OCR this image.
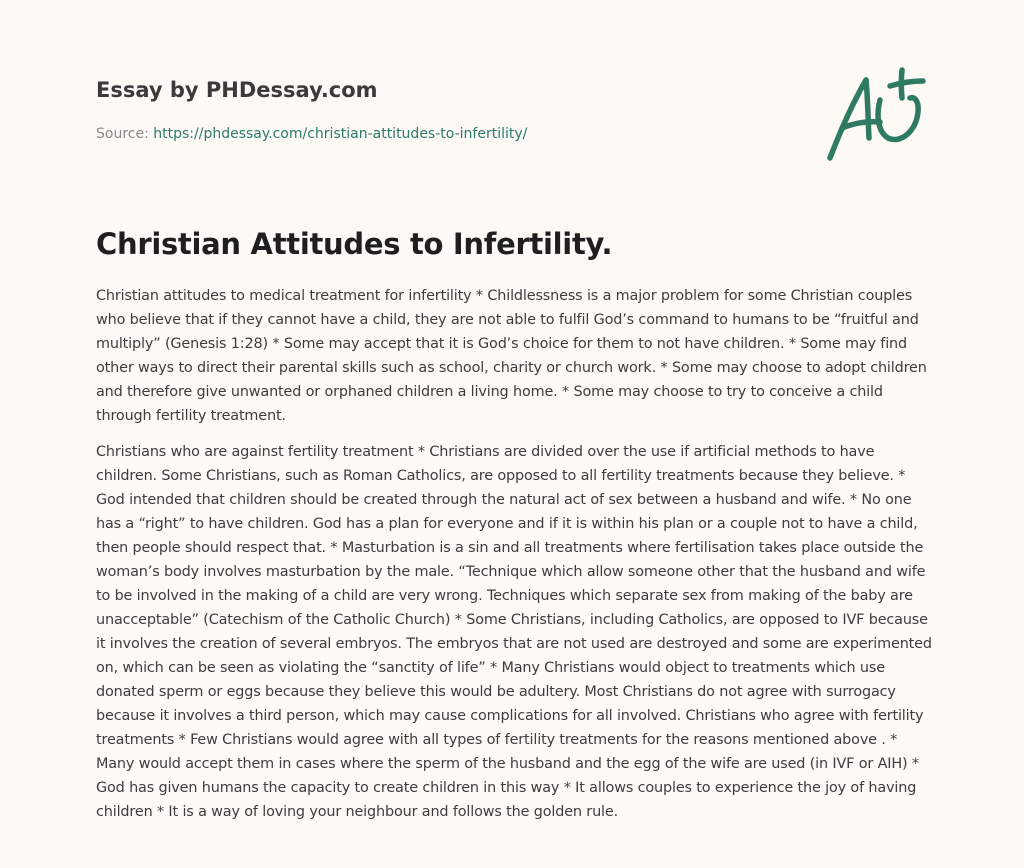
Essay by PHDessay.com
Source: https://phdessay.com/christian-attitudes-to-infertility/
Christian Attitudes to Infertility.

Christian attitudes to medical treatment for infertility * Childlessness is a major problem for some Christian couples who believe that if they cannot have a child, they are not able to fulfil God’s command to humans to be “fruitful and multiply” (Genesis 1:28) * Some may accept that it is God’s choice for them to not have children. * Some may find other ways to direct their parental skills such as school, charity or church work. * Some may choose to adopt children and therefore give unwanted or orphaned children a living home. * Some may choose to try to conceive a child through fertility treatment.

Christians who are against fertility treatment * Christians are divided over the use if artificial methods to have children. Some Christians, such as Roman Catholics, are opposed to all fertility treatments because they believe. * God intended that children should be created through the natural act of sex between a husband and wife. * No one has a “right” to have children. God has a plan for everyone and if it is within his plan or a couple not to have a child, then people should respect that. * Masturbation is a sin and all treatments where fertilisation takes place outside the woman’s body involves masturbation by the male. “Technique which allow someone other that the husband and wife to be involved in the making of a child are very wrong. Techniques which separate sex from making of the baby are unacceptable” (Catechism of the Catholic Church) * Some Christians, including Catholics, are opposed to IVF because it involves the creation of several embryos. The embryos that are not used are destroyed and some are experimented on, which can be seen as violating the “sanctity of life” * Many Christians would object to treatments which use donated sperm or eggs because they believe this would be adultery. Most Christians do not agree with surrogacy because it involves a third person, which may cause complications for all involved. Christians who agree with fertility treatments * Few Christians would agree with all types of fertility treatments for the reasons mentioned above . * Many would accept them in cases where the sperm of the husband and the egg of the wife are used (in IVF or AIH) * God has given humans the capacity to create children in this way * It allows couples to experience the joy of having children * It is a way of loving your neighbour and follows the golden rule.
